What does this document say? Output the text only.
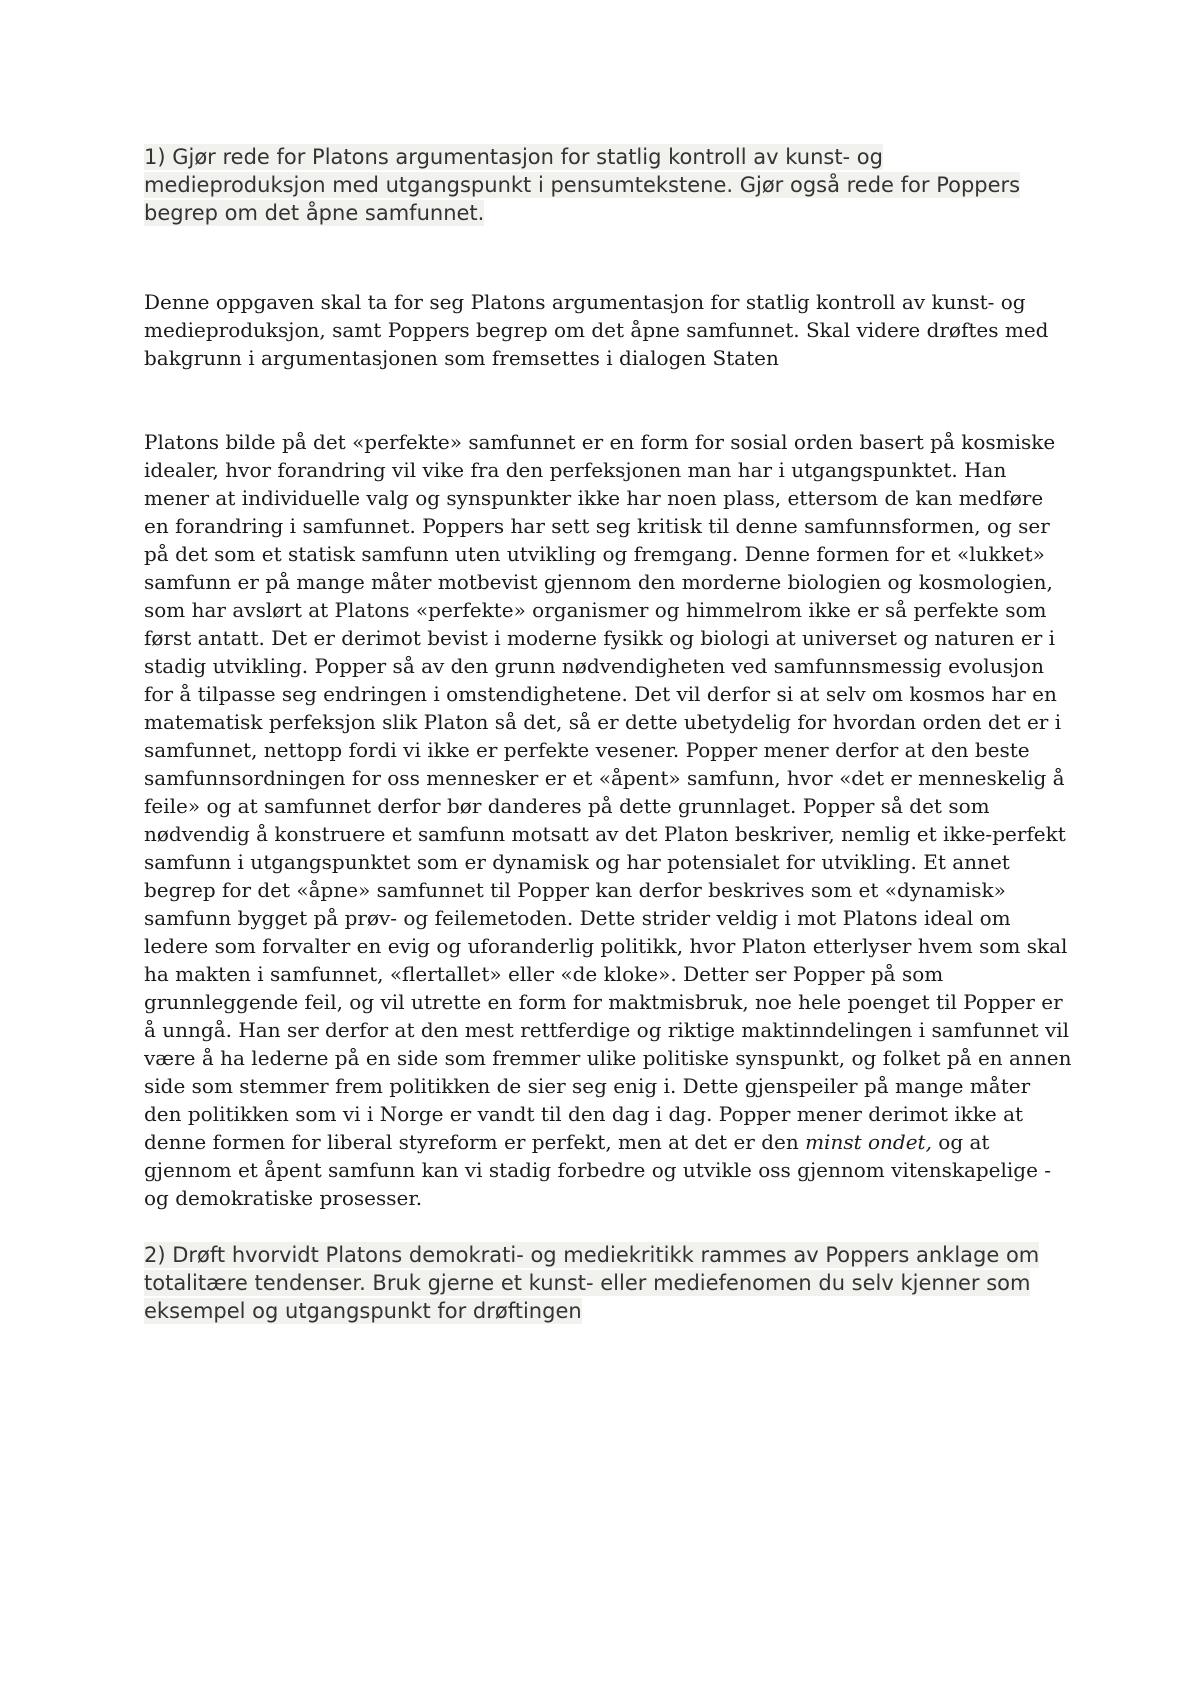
1) Gjør rede for Platons argumentasjon for statlig kontroll av kunst- og medieproduksjon med utgangspunkt i pensumtekstene. Gjør også rede for Poppers begrep om det åpne samfunnet.

Denne oppgaven skal ta for seg Platons argumentasjon for statlig kontroll av kunst- og medieproduksjon, samt Poppers begrep om det åpne samfunnet. Skal videre drøftes med bakgrunn i argumentasjonen som fremsettes i dialogen Staten

Platons bilde på det «perfekte» samfunnet er en form for sosial orden basert på kosmiske idealer, hvor forandring vil vike fra den perfeksjonen man har i utgangspunktet. Han mener at individuelle valg og synspunkter ikke har noen plass, ettersom de kan medføre en forandring i samfunnet. Poppers har sett seg kritisk til denne samfunnsformen, og ser på det som et statisk samfunn uten utvikling og fremgang. Denne formen for et «lukket» samfunn er på mange måter motbevist gjennom den morderne biologien og kosmologien, som har avslørt at Platons «perfekte» organismer og himmelrom ikke er så perfekte som først antatt. Det er derimot bevist i moderne fysikk og biologi at universet og naturen er i stadig utvikling. Popper så av den grunn nødvendigheten ved samfunnsmessig evolusjon for å tilpasse seg endringen i omstendighetene. Det vil derfor si at selv om kosmos har en matematisk perfeksjon slik Platon så det, så er dette ubetydelig for hvordan orden det er i samfunnet, nettopp fordi vi ikke er perfekte vesener. Popper mener derfor at den beste samfunnsordningen for oss mennesker er et «åpent» samfunn, hvor «det er menneskelig å feile» og at samfunnet derfor bør danderes på dette grunnlaget. Popper så det som nødvendig å konstruere et samfunn motsatt av det Platon beskriver, nemlig et ikke-perfekt samfunn i utgangspunktet som er dynamisk og har potensialet for utvikling. Et annet begrep for det «åpne» samfunnet til Popper kan derfor beskrives som et «dynamisk» samfunn bygget på prøv- og feilemetoden. Dette strider veldig i mot Platons ideal om ledere som forvalter en evig og uforanderlig politikk, hvor Platon etterlyser hvem som skal ha makten i samfunnet, «flertallet» eller «de kloke». Detter ser Popper på som grunnleggende feil, og vil utrette en form for maktmisbruk, noe hele poenget til Popper er å unngå. Han ser derfor at den mest rettferdige og riktige maktinndelingen i samfunnet vil være å ha lederne på en side som fremmer ulike politiske synspunkt, og folket på en annen side som stemmer frem politikken de sier seg enig i. Dette gjenspeiler på mange måter den politikken som vi i Norge er vandt til den dag i dag. Popper mener derimot ikke at denne formen for liberal styreform er perfekt, men at det er den minst ondet, og at gjennom et åpent samfunn kan vi stadig forbedre og utvikle oss gjennom vitenskapelige -og demokratiske prosesser.

2) Drøft hvorvidt Platons demokrati- og mediekritikk rammes av Poppers anklage om totalitære tendenser. Bruk gjerne et kunst- eller mediefenomen du selv kjenner som eksempel og utgangspunkt for drøftingen
